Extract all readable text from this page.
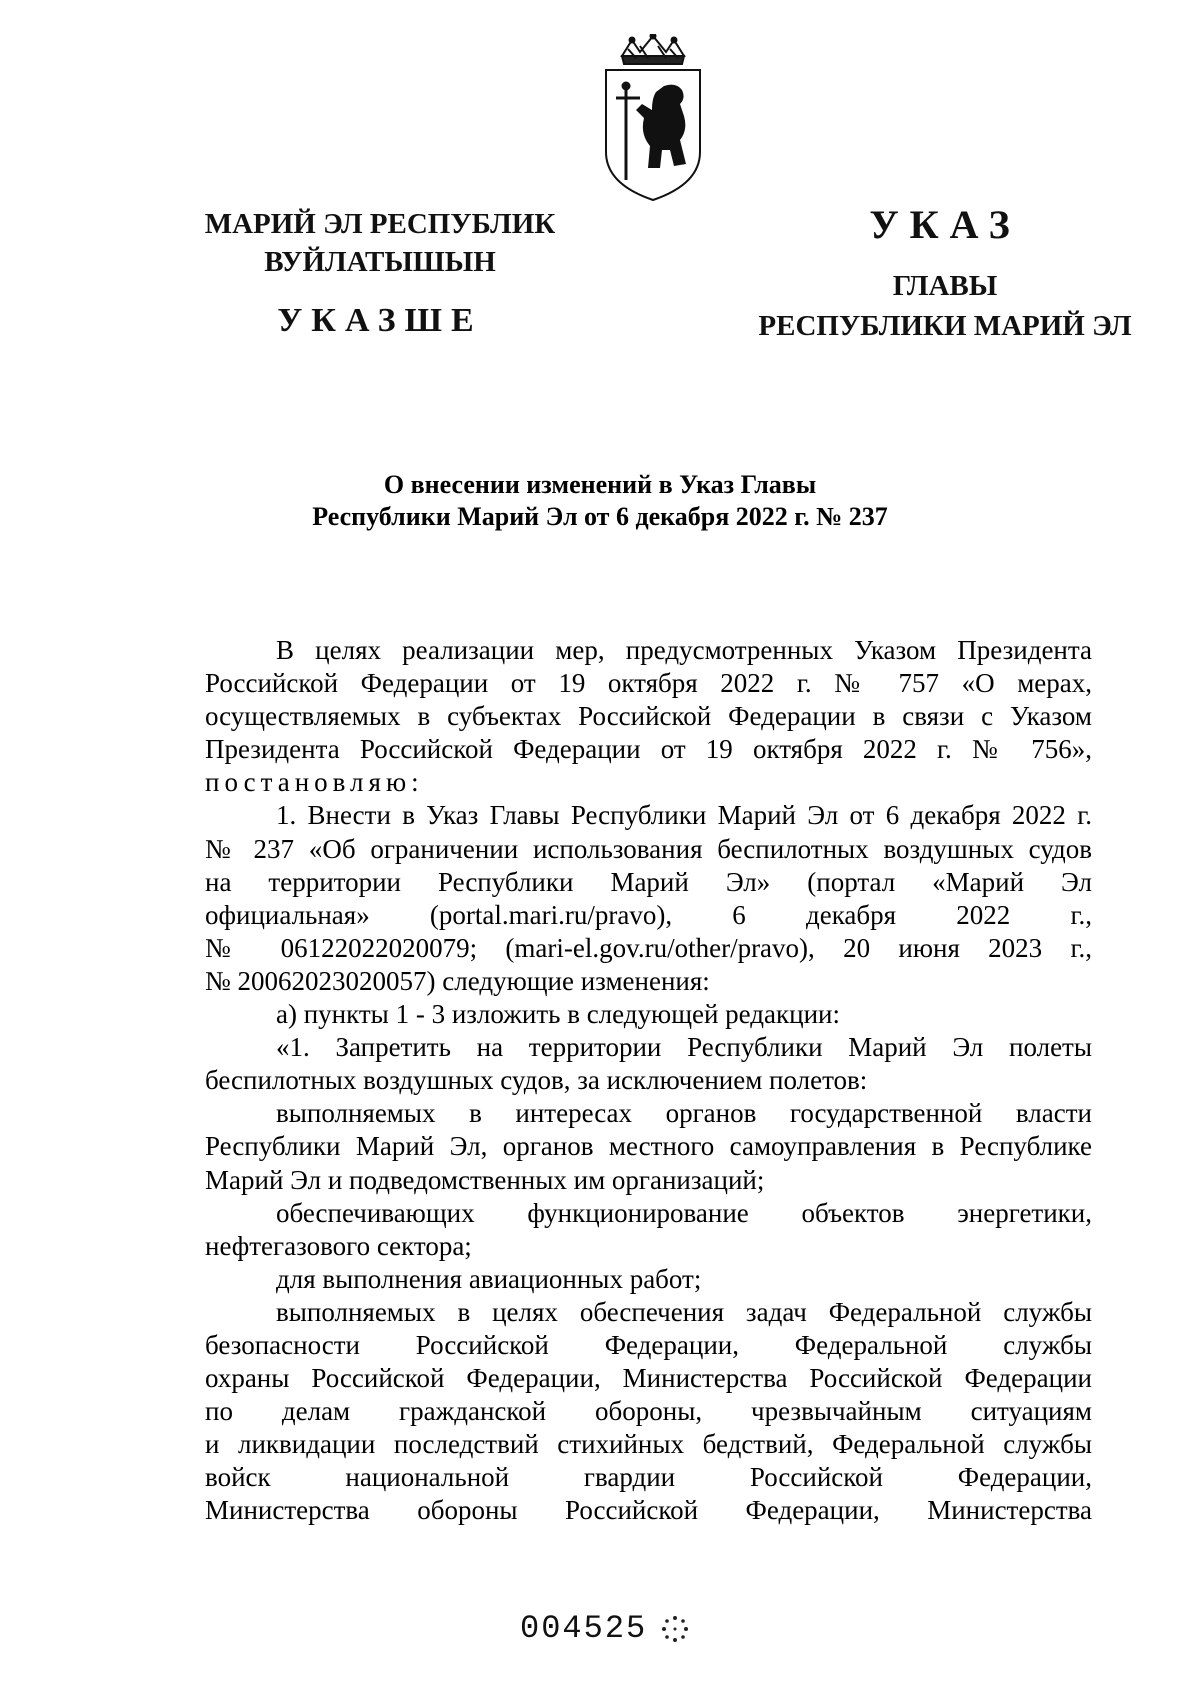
МАРИЙ ЭЛ РЕСПУБЛИК
ВУЙЛАТЫШЫН
УКАЗШЕ
УКАЗ
ГЛАВЫ
РЕСПУБЛИКИ МАРИЙ ЭЛ
О внесении изменений в Указ Главы
Республики Марий Эл от 6 декабря 2022 г. № 237
В целях реализации мер, предусмотренных Указом Президента
Российской Федерации от 19 октября 2022 г. № 757 «О мерах,
осуществляемых в субъектах Российской Федерации в связи с Указом
Президента Российской Федерации от 19 октября 2022 г. № 756»,
постановляю:
1. Внести в Указ Главы Республики Марий Эл от 6 декабря 2022 г.
№ 237 «Об ограничении использования беспилотных воздушных судов
на территории Республики Марий Эл» (портал «Марий Эл
официальная» (portal.mari.ru/pravo), 6 декабря 2022 г.,
№ 06122022020079; (mari-el.gov.ru/other/pravo), 20 июня 2023 г.,
№ 20062023020057) следующие изменения:
а) пункты 1 - 3 изложить в следующей редакции:
«1. Запретить на территории Республики Марий Эл полеты
беспилотных воздушных судов, за исключением полетов:
выполняемых в интересах органов государственной власти
Республики Марий Эл, органов местного самоуправления в Республике
Марий Эл и подведомственных им организаций;
обеспечивающих функционирование объектов энергетики,
нефтегазового сектора;
для выполнения авиационных работ;
выполняемых в целях обеспечения задач Федеральной службы
безопасности Российской Федерации, Федеральной службы
охраны Российской Федерации, Министерства Российской Федерации
по делам гражданской обороны, чрезвычайным ситуациям
и ликвидации последствий стихийных бедствий, Федеральной службы
войск национальной гвардии Российской Федерации,
Министерства обороны Российской Федерации, Министерства
004525
